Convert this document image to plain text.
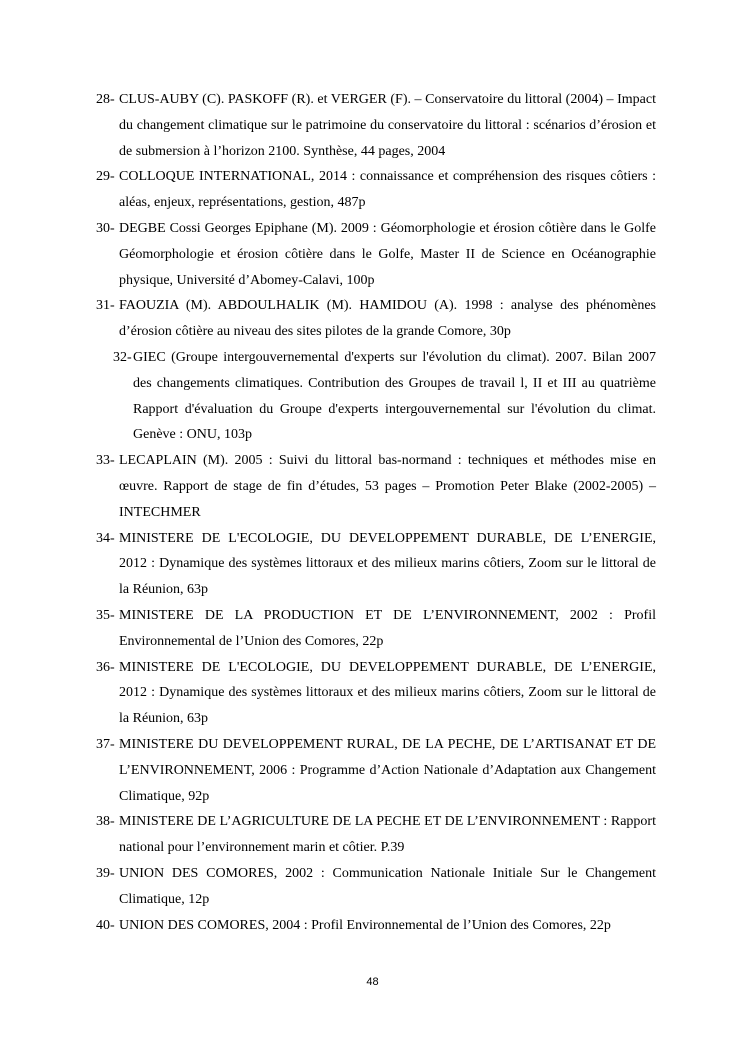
28- CLUS-AUBY (C). PASKOFF (R). et VERGER (F). – Conservatoire du littoral (2004) – Impact du changement climatique sur le patrimoine du conservatoire du littoral : scénarios d’érosion et de submersion à l’horizon 2100. Synthèse, 44 pages, 2004
29- COLLOQUE INTERNATIONAL, 2014 : connaissance et compréhension des risques côtiers : aléas, enjeux, représentations, gestion, 487p
30- DEGBE Cossi Georges Epiphane (M). 2009 : Géomorphologie et érosion côtière dans le Golfe Géomorphologie et érosion côtière dans le Golfe, Master II de Science en Océanographie physique, Université d’Abomey-Calavi, 100p
31- FAOUZIA (M). ABDOULHALIK (M). HAMIDOU (A). 1998 : analyse des phénomènes d’érosion côtière au niveau des sites pilotes de la grande Comore, 30p
32- GIEC (Groupe intergouvernemental d'experts sur l'évolution du climat). 2007. Bilan 2007 des changements climatiques. Contribution des Groupes de travail l, II et III au quatrième Rapport d'évaluation du Groupe d'experts intergouvernemental sur l'évolution du climat. Genève : ONU, 103p
33- LECAPLAIN (M). 2005 : Suivi du littoral bas-normand : techniques et méthodes mise en œuvre. Rapport de stage de fin d’études, 53 pages – Promotion Peter Blake (2002-2005) – INTECHMER
34- MINISTERE DE L'ECOLOGIE, DU DEVELOPPEMENT DURABLE, DE L’ENERGIE, 2012 : Dynamique des systèmes littoraux et des milieux marins côtiers, Zoom sur le littoral de la Réunion, 63p
35- MINISTERE DE LA PRODUCTION ET DE L’ENVIRONNEMENT, 2002 : Profil Environnemental de l’Union des Comores, 22p
36- MINISTERE DE L'ECOLOGIE, DU DEVELOPPEMENT DURABLE, DE L’ENERGIE, 2012 : Dynamique des systèmes littoraux et des milieux marins côtiers, Zoom sur le littoral de la Réunion, 63p
37- MINISTERE DU DEVELOPPEMENT RURAL, DE LA PECHE, DE L’ARTISANAT ET DE L’ENVIRONNEMENT, 2006 : Programme d’Action Nationale d’Adaptation aux Changement Climatique, 92p
38- MINISTERE DE L’AGRICULTURE DE LA PECHE ET DE L’ENVIRONNEMENT : Rapport national pour l’environnement marin et côtier. P.39
39- UNION DES COMORES, 2002 : Communication Nationale Initiale Sur le Changement Climatique, 12p
40- UNION DES COMORES, 2004 : Profil Environnemental de l’Union des Comores, 22p
48
